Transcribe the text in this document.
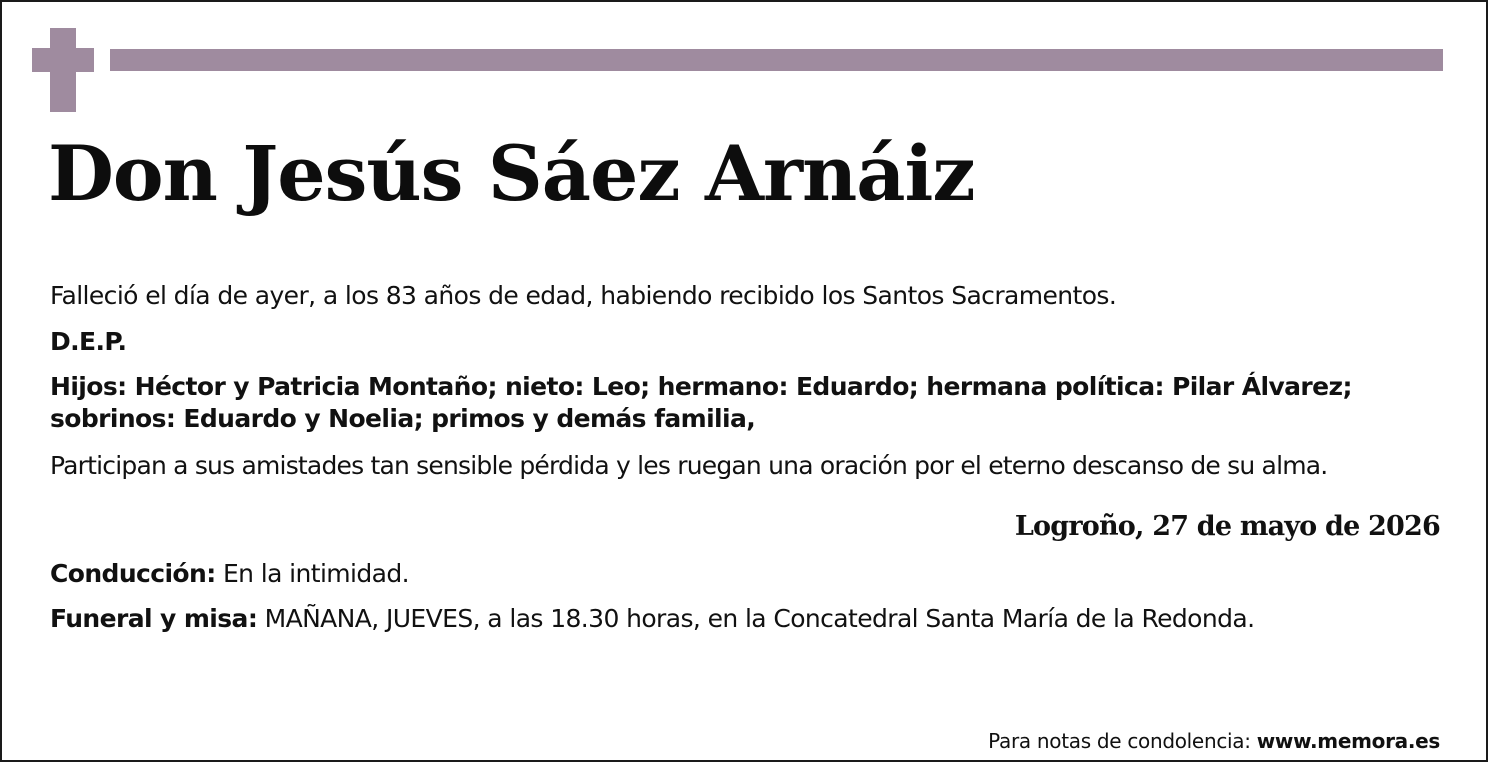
Don Jesús Sáez Arnáiz

Falleció el día de ayer, a los 83 años de edad, habiendo recibido los Santos Sacramentos.

D.E.P.

Hijos: Héctor y Patricia Montaño; nieto: Leo; hermano: Eduardo; hermana política: Pilar Álvarez; sobrinos: Eduardo y Noelia; primos y demás familia,

Participan a sus amistades tan sensible pérdida y les ruegan una oración por el eterno descanso de su alma.

Logroño, 27 de mayo de 2026

Conducción: En la intimidad.

Funeral y misa: MAÑANA, JUEVES, a las 18.30 horas, en la Concatedral Santa María de la Redonda.

Para notas de condolencia: www.memora.es
